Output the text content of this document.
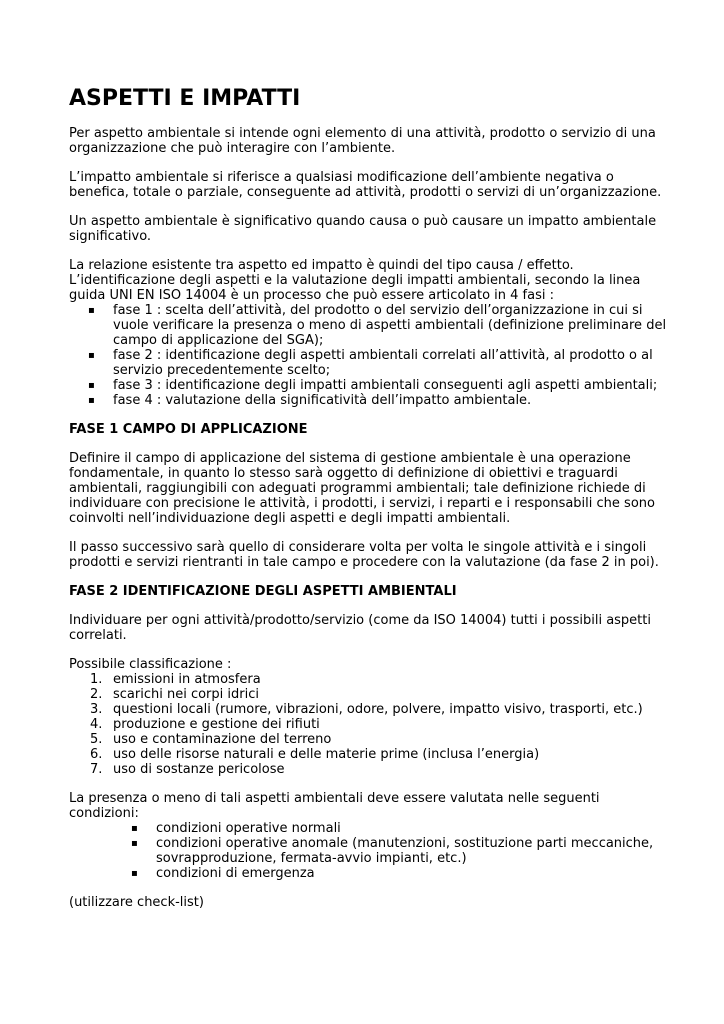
ASPETTI E IMPATTI

Per aspetto ambientale si intende ogni elemento di una attività, prodotto o servizio di una organizzazione che può interagire con l’ambiente.

L’impatto ambientale si riferisce a qualsiasi modificazione dell’ambiente negativa o benefica, totale o parziale, conseguente ad attività, prodotti o servizi di un’organizzazione.

Un aspetto ambientale è significativo quando causa o può causare un impatto ambientale significativo.

La relazione esistente tra aspetto ed impatto è quindi del tipo causa / effetto.

L’identificazione degli aspetti e la valutazione degli impatti ambientali, secondo la linea guida UNI EN ISO 14004 è un processo che può essere articolato in 4 fasi :

▪ fase 1 : scelta dell’attività, del prodotto o del servizio dell’organizzazione in cui si vuole verificare la presenza o meno di aspetti ambientali (definizione preliminare del campo di applicazione del SGA);
▪ fase 2 : identificazione degli aspetti ambientali correlati all’attività, al prodotto o al servizio precedentemente scelto;
▪ fase 3 : identificazione degli impatti ambientali conseguenti agli aspetti ambientali;
▪ fase 4 : valutazione della significatività dell’impatto ambientale.

FASE 1 CAMPO DI APPLICAZIONE

Definire il campo di applicazione del sistema di gestione ambientale è una operazione fondamentale, in quanto lo stesso sarà oggetto di definizione di obiettivi e traguardi ambientali, raggiungibili con adeguati programmi ambientali; tale definizione richiede di individuare con precisione le attività, i prodotti, i servizi, i reparti e i responsabili che sono coinvolti nell’individuazione degli aspetti e degli impatti ambientali.

Il passo successivo sarà quello di considerare volta per volta le singole attività e i singoli prodotti e servizi rientranti in tale campo e procedere con la valutazione (da fase 2 in poi).

FASE 2 IDENTIFICAZIONE DEGLI ASPETTI AMBIENTALI

Individuare per ogni attività/prodotto/servizio (come da ISO 14004) tutti i possibili aspetti correlati.

Possibile classificazione :

1. emissioni in atmosfera
2. scarichi nei corpi idrici
3. questioni locali (rumore, vibrazioni, odore, polvere, impatto visivo, trasporti, etc.)
4. produzione e gestione dei rifiuti
5. uso e contaminazione del terreno
6. uso delle risorse naturali e delle materie prime (inclusa l’energia)
7. uso di sostanze pericolose

La presenza o meno di tali aspetti ambientali deve essere valutata nelle seguenti condizioni:

▪ condizioni operative normali
▪ condizioni operative anomale (manutenzioni, sostituzione parti meccaniche, sovrapproduzione, fermata-avvio impianti, etc.)
▪ condizioni di emergenza

(utilizzare check-list)
